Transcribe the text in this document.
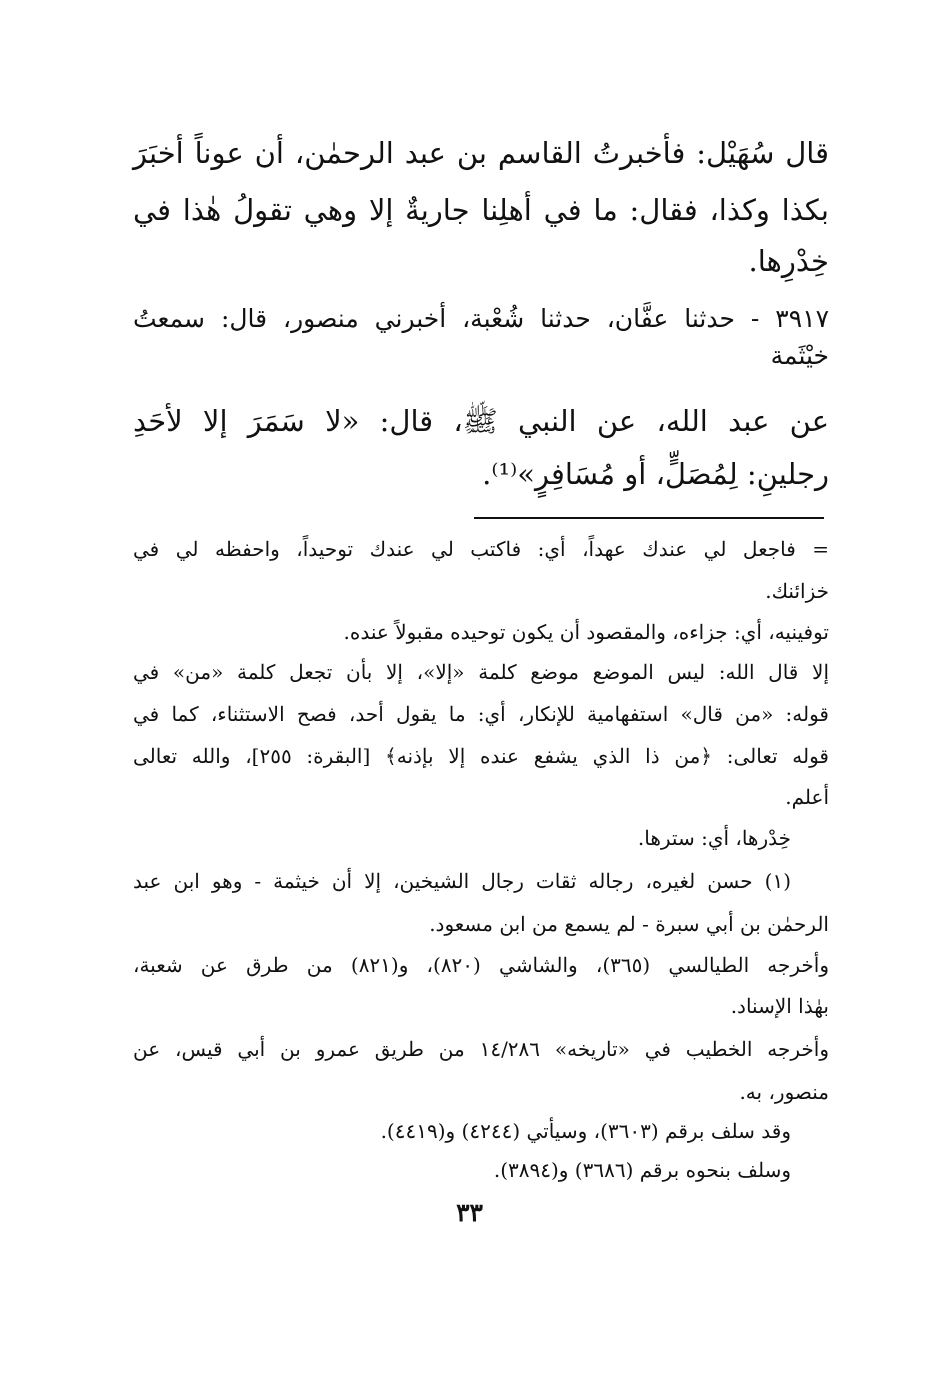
قال سُهَيْل: فأخبرتُ القاسم بن عبد الرحمٰن، أن عوناً أخبَرَ
بكذا وكذا، فقال: ما في أهلِنا جاريةٌ إلا وهي تقولُ هٰذا في
خِدْرِها.
٣٩١٧ - حدثنا عفَّان، حدثنا شُعْبة، أخبرني منصور، قال: سمعتُ
خيْثَمة
عن عبد الله، عن النبي ﷺ، قال: «لا سَمَرَ إلا لأحَدِ
رجلينِ: لِمُصَلٍّ، أو مُسَافِرٍ»⁽¹⁾.
= فاجعل لي عندك عهداً، أي: فاكتب لي عندك توحيداً، واحفظه لي في
خزائنك.
توفينيه، أي: جزاءه، والمقصود أن يكون توحيده مقبولاً عنده.
إلا قال الله: ليس الموضع موضع كلمة «إلا»، إلا بأن تجعل كلمة «من» في
قوله: «من قال» استفهامية للإنكار، أي: ما يقول أحد، فصح الاستثناء، كما في
قوله تعالى: ﴿من ذا الذي يشفع عنده إلا بإذنه﴾ [البقرة: ٢٥٥]، والله تعالى
أعلم.
خِدْرها، أي: سترها.
(١) حسن لغيره، رجاله ثقات رجال الشيخين، إلا أن خيثمة - وهو ابن عبد
الرحمٰن بن أبي سبرة - لم يسمع من ابن مسعود.
وأخرجه الطيالسي (٣٦٥)، والشاشي (٨٢٠)، و(٨٢١) من طرق عن شعبة،
بهٰذا الإسناد.
وأخرجه الخطيب في «تاريخه» ١٤/٢٨٦ من طريق عمرو بن أبي قيس، عن
منصور، به.
وقد سلف برقم (٣٦٠٣)، وسيأتي (٤٢٤٤) و(٤٤١٩).
وسلف بنحوه برقم (٣٦٨٦) و(٣٨٩٤).
٣٣
